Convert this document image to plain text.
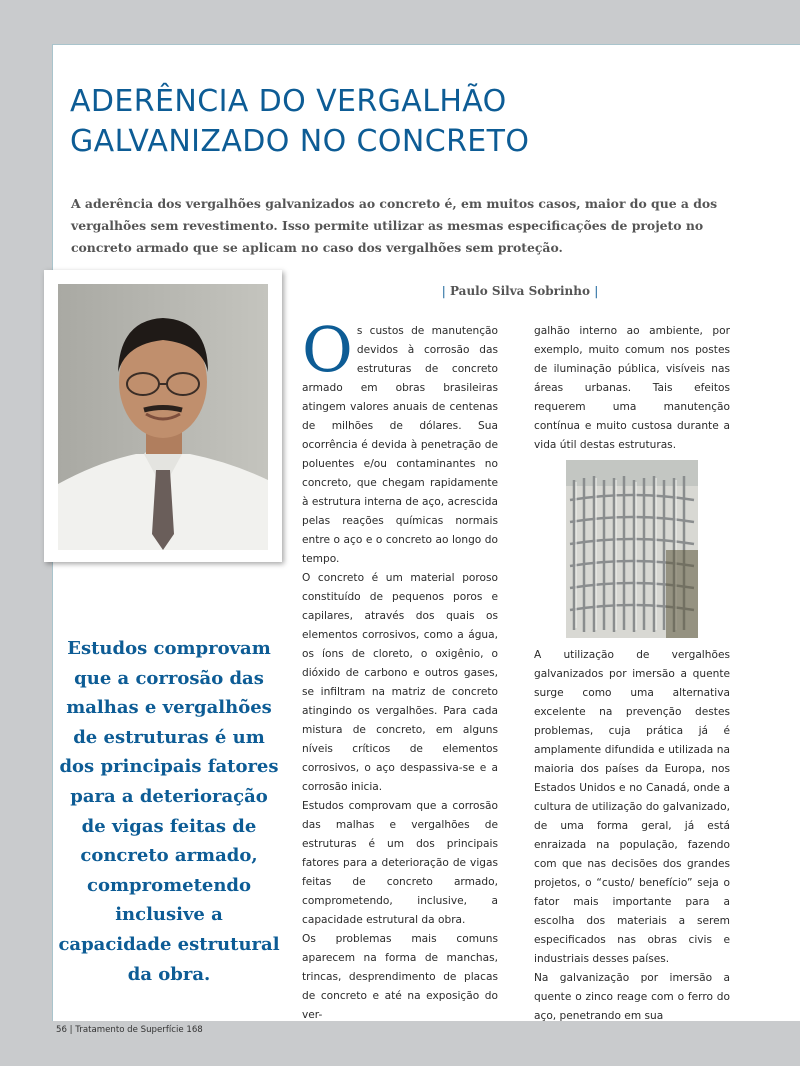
ADERÊNCIA DO VERGALHÃO
GALVANIZADO NO CONCRETO

A aderência dos vergalhões galvanizados ao concreto é, em muitos casos, maior do que a dos vergalhões sem revestimento. Isso permite utilizar as mesmas especificações de projeto no concreto armado que se aplicam no caso dos vergalhões sem proteção.

| Paulo Silva Sobrinho |
Estudos comprovam que a corrosão das malhas e vergalhões de estruturas é um dos principais fatores para a deterioração de vigas feitas de concreto armado, comprometendo inclusive a capacidade estrutural da obra.

Os custos de manutenção devidos à corrosão das estruturas de concreto armado em obras brasileiras atingem valores anuais de centenas de milhões de dólares. Sua ocorrência é devida à penetração de poluentes e/ou contaminantes no concreto, que chegam rapidamente à estrutura interna de aço, acrescida pelas reações químicas normais entre o aço e o concreto ao longo do tempo.

O concreto é um material poroso constituído de pequenos poros e capilares, através dos quais os elementos corrosivos, como a água, os íons de cloreto, o oxigênio, o dióxido de carbono e outros gases, se infiltram na matriz de concreto atingindo os vergalhões. Para cada mistura de concreto, em alguns níveis críticos de elementos corrosivos, o aço despassiva-se e a corrosão inicia.

Estudos comprovam que a corrosão das malhas e vergalhões de estruturas é um dos principais fatores para a deterioração de vigas feitas de concreto armado, comprometendo, inclusive, a capacidade estrutural da obra.

Os problemas mais comuns aparecem na forma de manchas, trincas, desprendimento de placas de concreto e até na exposição do ver-

galhão interno ao ambiente, por exemplo, muito comum nos postes de iluminação pública, visíveis nas áreas urbanas. Tais efeitos requerem uma manutenção contínua e muito custosa durante a vida útil destas estruturas.

A utilização de vergalhões galvanizados por imersão a quente surge como uma alternativa excelente na prevenção destes problemas, cuja prática já é amplamente difundida e utilizada na maioria dos países da Europa, nos Estados Unidos e no Canadá, onde a cultura de utilização do galvanizado, de uma forma geral, já está enraizada na população, fazendo com que nas decisões dos grandes projetos, o “custo/ benefício” seja o fator mais importante para a escolha dos materiais a serem especificados nas obras civis e industriais desses países.

Na galvanização por imersão a quente o zinco reage com o ferro do aço, penetrando em sua

56 | Tratamento de Superfície 168
